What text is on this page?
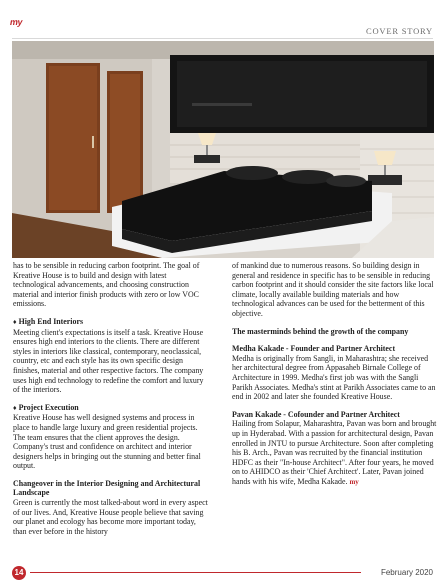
my
COVER STORY

has to be sensible in reducing carbon footprint. The goal of Kreative House is to build and design with latest technological advancements, and choosing construction material and interior finish products with zero or low VOC emissions.

♦ High End Interiors

Meeting client's expectations is itself a task. Kreative House ensures high end interiors to the clients. There are different styles in interiors like classical, contemporary, neoclassical, country, etc and each style has its own specific design finishes, material and other respective factors. The company uses high end technology to redefine the comfort and luxury of the interiors.

♦ Project Execution

Kreative House has well designed systems and process in place to handle large luxury and green residential projects. The team ensures that the client approves the design. Company's trust and confidence on architect and interior designers helps in bringing out the stunning and better final output.

Changeover in the Interior Designing and Architectural Landscape

Green is currently the most talked-about word in every aspect of our lives. And, Kreative House people believe that saving our planet and ecology has become more important today, than ever before in the history

of mankind due to numerous reasons. So building design in general and residence in specific has to be sensible in reducing carbon footprint and it should consider the site factors like local climate, locally available building materials and how technological advances can be used for the betterment of this objective.

The masterminds behind the growth of the company

Medha Kakade - Founder and Partner Architect

Medha is originally from Sangli, in Maharashtra; she received her architectural degree from Appasaheb Birnale College of Architecture in 1999. Medha's first job was with the Sangli Parikh Associates. Medha's stint at Parikh Associates came to an end in 2002 and later she founded Kreative House.

Pavan Kakade - Cofounder and Partner Architect

Hailing from Solapur, Maharashtra, Pavan was born and brought up in Hyderabad. With a passion for architectural design, Pavan enrolled in JNTU to pursue Architecture. Soon after completing his B. Arch., Pavan was recruited by the financial institution HDFC as their "In-house Architect". After four years, he moved on to AHIDCO as their 'Chief Architect'. Later, Pavan joined hands with his wife, Medha Kakade. my

14	February 2020
